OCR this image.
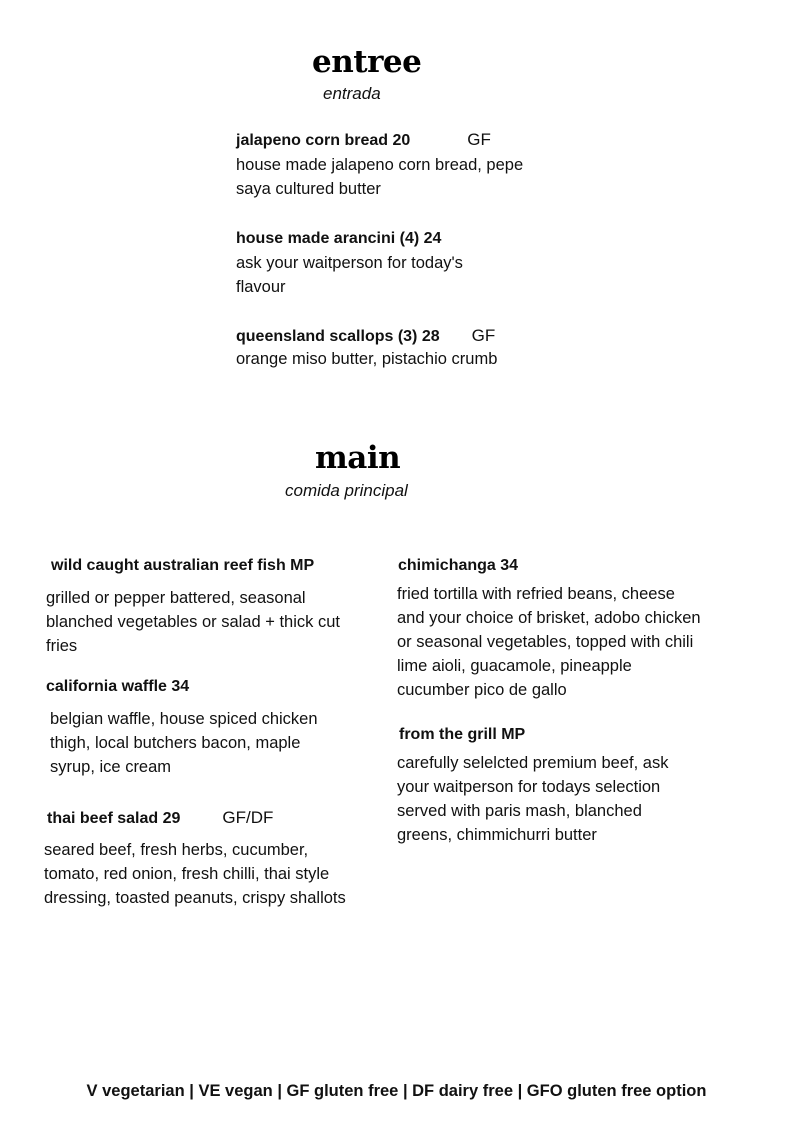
entree
entrada
jalapeno corn bread 20	GF
house made jalapeno corn bread, pepe saya cultured butter
house made arancini (4) 24
ask your waitperson for today's flavour
queensland scallops (3) 28 GF
orange miso butter, pistachio crumb
main
comida principal
wild caught australian reef fish MP
grilled or pepper battered, seasonal blanched vegetables or salad + thick cut fries
california waffle 34
belgian waffle, house spiced chicken thigh, local butchers bacon, maple syrup, ice cream
thai beef salad 29 GF/DF
seared beef, fresh herbs, cucumber, tomato, red onion, fresh chilli, thai style dressing, toasted peanuts, crispy shallots
chimichanga 34
fried tortilla with refried beans, cheese and your choice of brisket, adobo chicken or seasonal vegetables, topped with chili lime aioli, guacamole, pineapple cucumber pico de gallo
from the grill MP
carefully selelcted premium beef, ask your waitperson for todays selection served with paris mash, blanched greens, chimmichurri butter
V vegetarian | VE vegan | GF gluten free | DF dairy free | GFO gluten free option
